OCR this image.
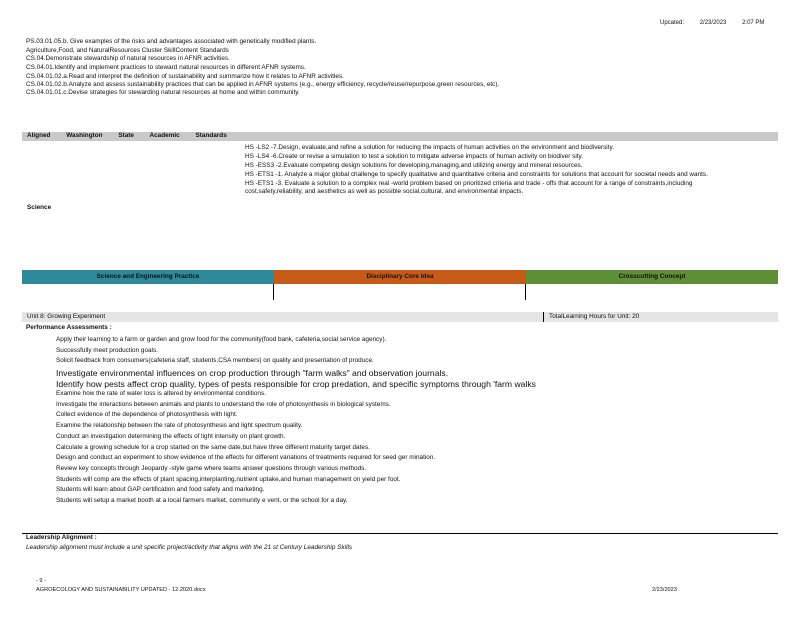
Upcated:	2/23/2023	2:07 PM
PS.03.01.05.b. Give examples of the risks and advantages associated with genetically modified plants.
Agriculture,Food, and NaturalResources Cluster SkillContent Standards
CS.04.Demonstrate stewardship of natural resources in AFNR activities.
CS.04.01.Identify and implement practices to steward natural resources in different AFNR systems.
CS.04.01.02.a.Read and interpret the definition of sustainability and summarize how it relates to AFNR activities.
CS.04.01.02.b.Analyze and assess sustainability practices that can be applied in AFNR systems (e.g., energy efficiency, recycle/reuse/repurpose,green resources, etc).
CS.04.01.01.c.Devise strategies for stewarding natural resources at home and within community.
Aligned Washington State Academic Standards
Science
HS -LS2 -7.Design, evaluate,and refine a solution for reducing the impacts of human activities on the environment and biodiversity.
HS -LS4 -6.Create or revise a simulation to test a solution to mitigate adverse impacts of human activity on biodiver sity.
HS -ESS3 -2.Evaluate competing design solutions for developing,managing,and utilizing energy and mineral resources.
HS -ETS1 -1. Analyze a major global challenge to specify qualitative and quantitative criteria and constraints for solutions that account for societal needs and wants.
HS -ETS1 -3. Evaluate a solution to a complex real -world problem based on prioritized criteria and trade - offs that account for a range of constraints,including cost,safety,reliability, and aesthetics as well as possible social,cultural, and environmental impacts.
Science and Engineering Practice	Disciplinary Core Idea	Crosscutting Concept
Unit 8: Growing Experiment	TotalLearning Hours for Unit: 20
Performance Assessments :
Apply their learning to a farm or garden and grow food for the community(food bank, cafeteria,social service agency).
Successfully meet production goals.
Solicit feedback from consumers(cafeteria staff, students,CSA members) on quality and presentation of produce.
Investigate environmental influences on crop production through "farm walks" and observation journals.
Identify how pests affect crop quality, types of pests responsible for crop predation, and specific symptoms through 'farm walks
Examine how the rate of water loss is altered by environmental conditions.
Investigate the interactions between animals and plants to understand the role of photosynthesis in biological systems.
Collect evidence of the dependence of photosynthesis with light.
Examine the relationship between the rate of photosynthesis and light spectrum quality.
Conduct an investigation determining the effects of light intensity on plant growth.
Calculate a growing schedule for a crop started on the same date,but have three different maturity target dates.
Design and conduct an experiment to show evidence of the effects for different variations of treatments required for seed ger mination.
Review key concepts through Jeopardy -style game where teams answer questions through various methods.
Students will comp are the effects of plant spacing,interplanting,nutrient uptake,and human management on yield per foot.
Students will learn about GAP certification and food safety and marketing.
Students will setup a market booth at a local farmers market, community e vent, or the school for a day.
Leadership Alignment :
Leadership alignment must include a unit specific project/activity that aligns with the 21 st Century Leadership Skills
- 9 -
AGROECOLOGY AND SUSTAINABILITY UPDATED - 12.2020.docx	2/23/2023
